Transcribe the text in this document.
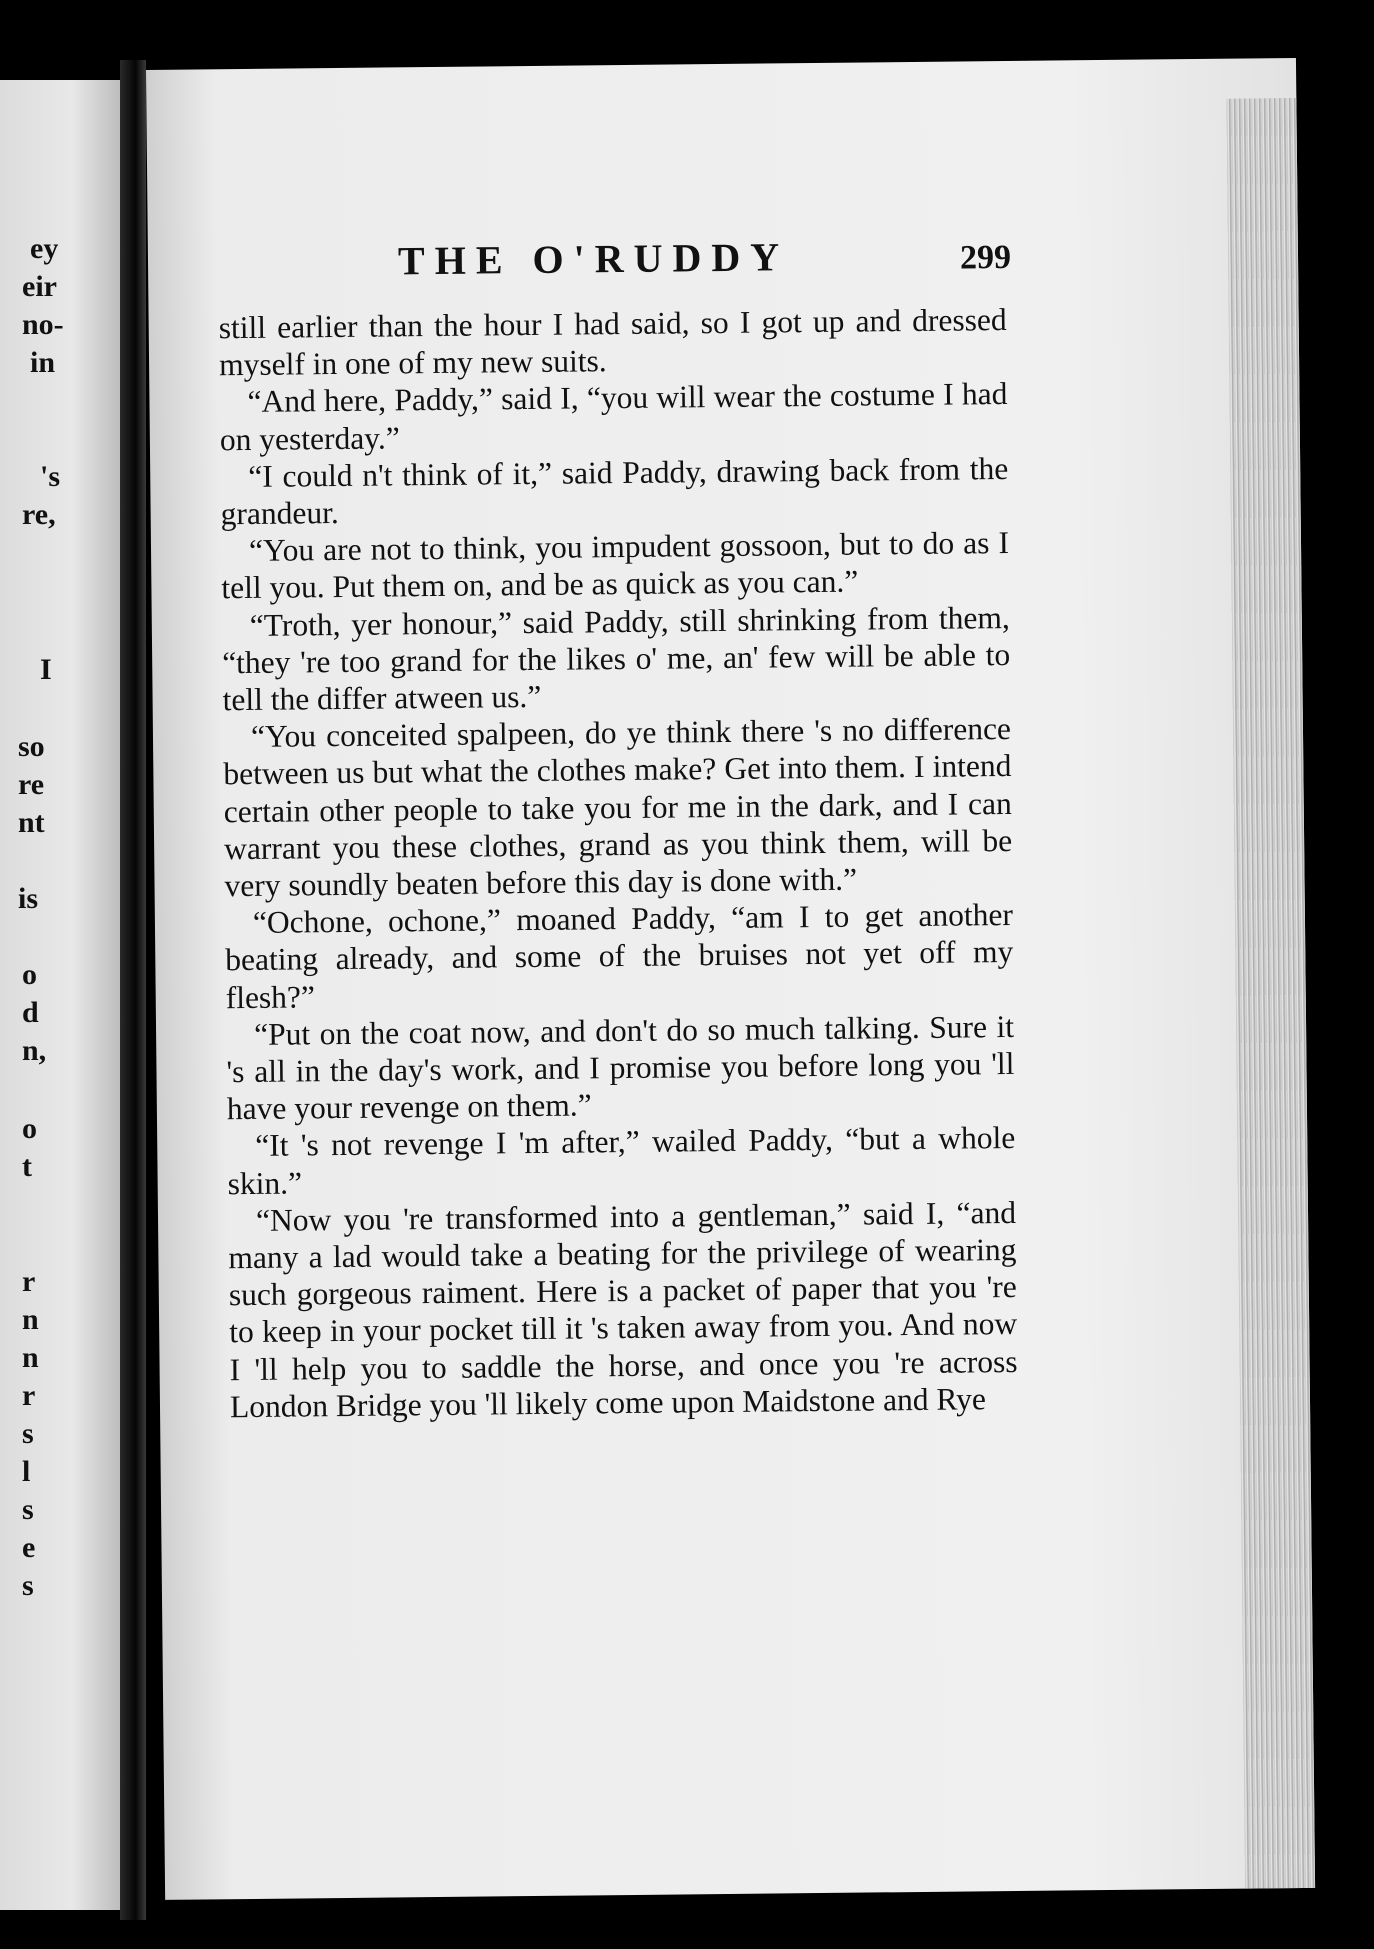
ey
eir
no-
in
's
re,
I
so
re
nt
is
o
d
n,
o
t
r
n
n
r
s
l
s
e
s
THE O'RUDDY	299

still earlier than the hour I had said, so I got up and dressed myself in one of my new suits.

“And here, Paddy,” said I, “you will wear the costume I had on yesterday.”

“I could n't think of it,” said Paddy, drawing back from the grandeur.

“You are not to think, you impudent gossoon, but to do as I tell you. Put them on, and be as quick as you can.”

“Troth, yer honour,” said Paddy, still shrinking from them, “they 're too grand for the likes o' me, an' few will be able to tell the differ atween us.”

“You conceited spalpeen, do ye think there 's no difference between us but what the clothes make? Get into them. I intend certain other people to take you for me in the dark, and I can warrant you these clothes, grand as you think them, will be very soundly beaten before this day is done with.”

“Ochone, ochone,” moaned Paddy, “am I to get another beating already, and some of the bruises not yet off my flesh?”

“Put on the coat now, and don't do so much talking. Sure it 's all in the day's work, and I promise you before long you 'll have your revenge on them.”

“It 's not revenge I 'm after,” wailed Paddy, “but a whole skin.”

“Now you 're transformed into a gentleman,” said I, “and many a lad would take a beating for the privilege of wearing such gorgeous raiment. Here is a packet of paper that you 're to keep in your pocket till it 's taken away from you. And now I 'll help you to saddle the horse, and once you 're across London Bridge you 'll likely come upon Maidstone and Rye
